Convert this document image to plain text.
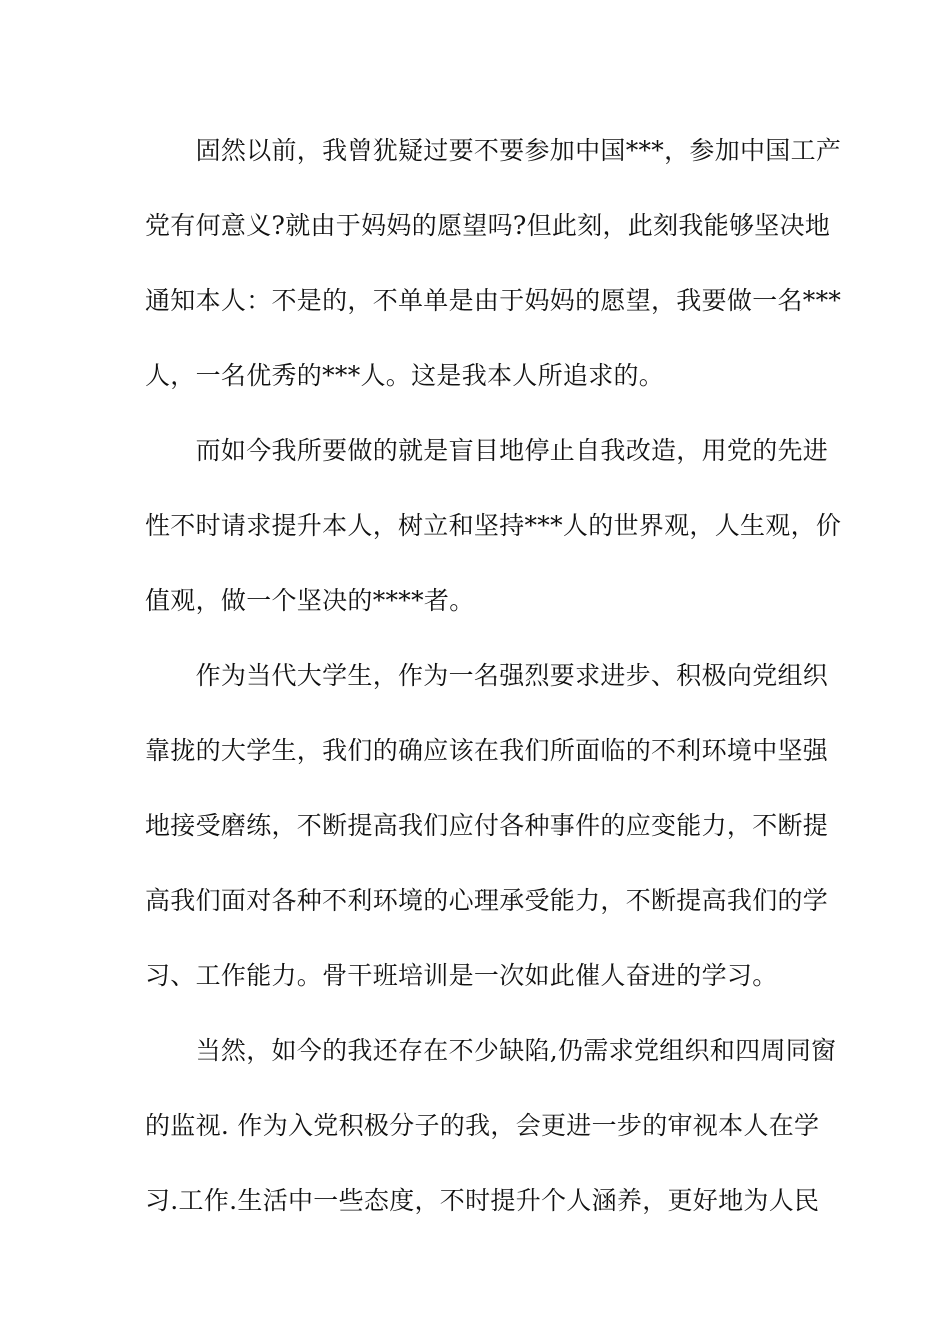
　　固然以前，我曾犹疑过要不要参加中国***，参加中国工产
党有何意义?就由于妈妈的愿望吗?但此刻，此刻我能够坚决地
通知本人：不是的，不单单是由于妈妈的愿望，我要做一名***
人，一名优秀的***人。这是我本人所追求的。
　　而如今我所要做的就是盲目地停止自我改造，用党的先进
性不时请求提升本人，树立和坚持***人的世界观，人生观，价
值观，做一个坚决的****者。
　　作为当代大学生，作为一名强烈要求进步、积极向党组织
靠拢的大学生，我们的确应该在我们所面临的不利环境中坚强
地接受磨练，不断提高我们应付各种事件的应变能力，不断提
高我们面对各种不利环境的心理承受能力，不断提高我们的学
习、工作能力。骨干班培训是一次如此催人奋进的学习。
　　当然，如今的我还存在不少缺陷,仍需求党组织和四周同窗
的监视. 作为入党积极分子的我，会更进一步的审视本人在学
习.工作.生活中一些态度，不时提升个人涵养，更好地为人民
